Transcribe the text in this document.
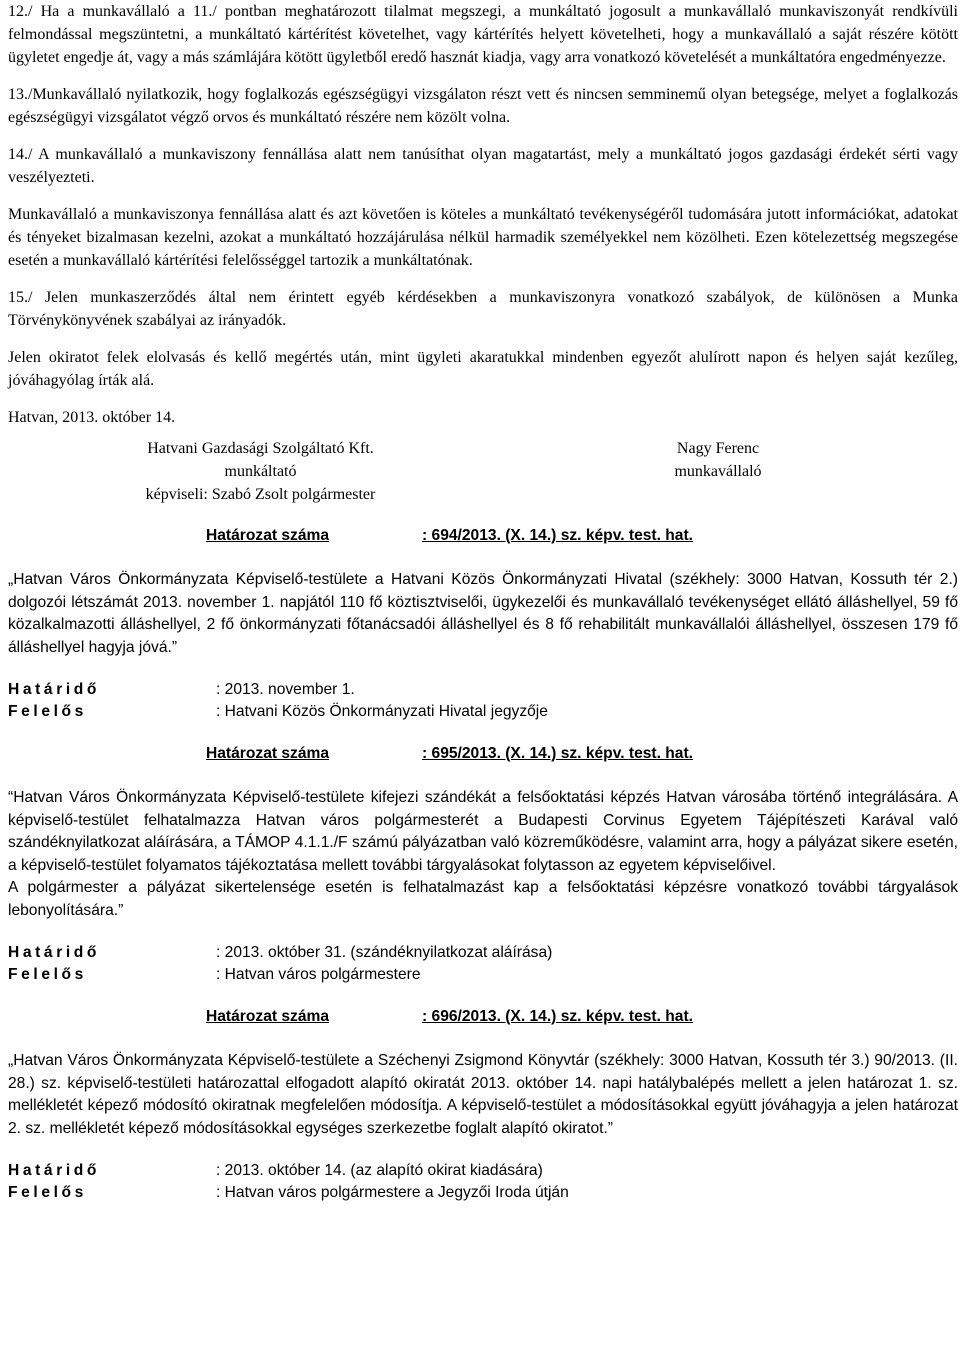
12./ Ha a munkavállaló a 11./ pontban meghatározott tilalmat megszegi, a munkáltató jogosult a munkavállaló munkaviszonyát rendkívüli felmondással megszüntetni, a munkáltató kártérítést követelhet, vagy kártérítés helyett követelheti, hogy a munkavállaló a saját részére kötött ügyletet engedje át, vagy a más számlájára kötött ügyletből eredő hasznát kiadja, vagy arra vonatkozó követelését a munkáltatóra engedményezze.

13./Munkavállaló nyilatkozik, hogy foglalkozás egészségügyi vizsgálaton részt vett és nincsen semminemű olyan betegsége, melyet a foglalkozás egészségügyi vizsgálatot végző orvos és munkáltató részére nem közölt volna.

14./ A munkavállaló a munkaviszony fennállása alatt nem tanúsíthat olyan magatartást, mely a munkáltató jogos gazdasági érdekét sérti vagy veszélyezteti.

Munkavállaló a munkaviszonya fennállása alatt és azt követően is köteles a munkáltató tevékenységéről tudomására jutott információkat, adatokat és tényeket bizalmasan kezelni, azokat a munkáltató hozzájárulása nélkül harmadik személyekkel nem közölheti. Ezen kötelezettség megszegése esetén a munkavállaló kártérítési felelősséggel tartozik a munkáltatónak.

15./ Jelen munkaszerződés által nem érintett egyéb kérdésekben a munkaviszonyra vonatkozó szabályok, de különösen a Munka Törvénykönyvének szabályai az irányadók.

Jelen okiratot felek elolvasás és kellő megértés után, mint ügyleti akaratukkal mindenben egyezőt alulírott napon és helyen saját kezűleg, jóváhagyólag írták alá.

Hatvan, 2013. október 14.

Hatvani Gazdasági Szolgáltató Kft.
munkáltató
képviseli: Szabó Zsolt polgármester
Nagy Ferenc
munkavállaló
Határozat száma	: 694/2013. (X. 14.) sz. képv. test. hat.

„Hatvan Város Önkormányzata Képviselő-testülete a Hatvani Közös Önkormányzati Hivatal (székhely: 3000 Hatvan, Kossuth tér 2.) dolgozói létszámát 2013. november 1. napjától 110 fő köztisztviselői, ügykezelői és munkavállaló tevékenységet ellátó álláshellyel, 59 fő közalkalmazotti álláshellyel, 2 fő önkormányzati főtanácsadói álláshellyel és 8 fő rehabilitált munkavállalói álláshellyel, összesen 179 fő álláshellyel hagyja jóvá.”

Határidő	: 2013. november 1.
Felelős	: Hatvani Közös Önkormányzati Hivatal jegyzője
Határozat száma	: 695/2013. (X. 14.) sz. képv. test. hat.

“Hatvan Város Önkormányzata Képviselő-testülete kifejezi szándékát a felsőoktatási képzés Hatvan városába történő integrálására. A képviselő-testület felhatalmazza Hatvan város polgármesterét a Budapesti Corvinus Egyetem Tájépítészeti Karával való szándéknyilatkozat aláírására, a TÁMOP 4.1.1./F számú pályázatban való közreműködésre, valamint arra, hogy a pályázat sikere esetén, a képviselő-testület folyamatos tájékoztatása mellett további tárgyalásokat folytasson az egyetem képviselőivel.

A polgármester a pályázat sikertelensége esetén is felhatalmazást kap a felsőoktatási képzésre vonatkozó további tárgyalások lebonyolítására.”

Határidő	: 2013. október 31. (szándéknyilatkozat aláírása)
Felelős	: Hatvan város polgármestere
Határozat száma	: 696/2013. (X. 14.) sz. képv. test. hat.

„Hatvan Város Önkormányzata Képviselő-testülete a Széchenyi Zsigmond Könyvtár (székhely: 3000 Hatvan, Kossuth tér 3.) 90/2013. (II. 28.) sz. képviselő-testületi határozattal elfogadott alapító okiratát 2013. október 14. napi hatálybalépés mellett a jelen határozat 1. sz. mellékletét képező módosító okiratnak megfelelően módosítja. A képviselő-testület a módosításokkal együtt jóváhagyja a jelen határozat 2. sz. mellékletét képező módosításokkal egységes szerkezetbe foglalt alapító okiratot.”

Határidő	: 2013. október 14. (az alapító okirat kiadására)
Felelős	: Hatvan város polgármestere a Jegyzői Iroda útján
